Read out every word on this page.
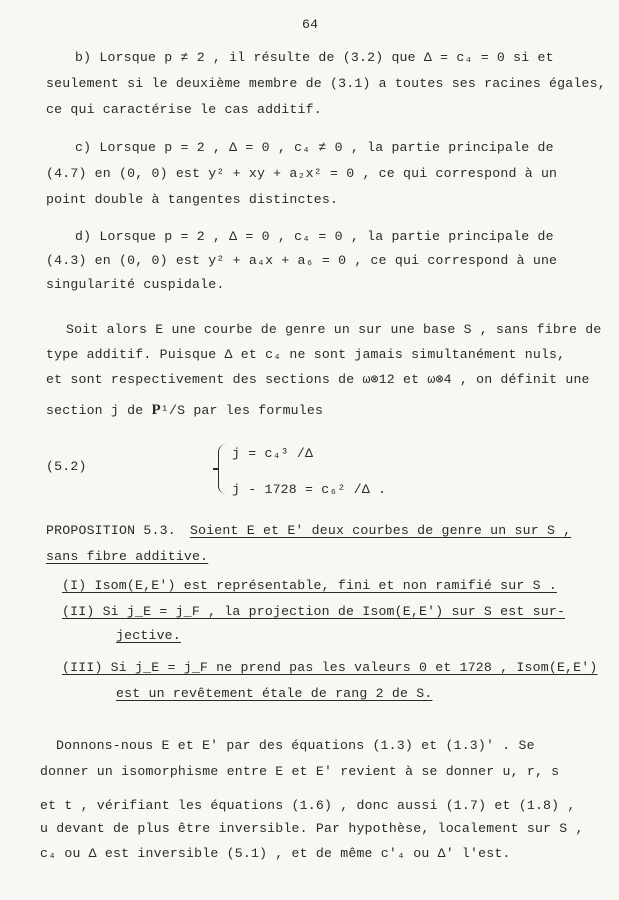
64
b) Lorsque p ≠ 2 , il résulte de (3.2) que Δ = c₄ = 0 si et
seulement si le deuxième membre de (3.1) a toutes ses racines égales,
ce qui caractérise le cas additif.
c) Lorsque p = 2 , Δ = 0 , c₄ ≠ 0 , la partie principale de
(4.7) en (0, 0) est y² + xy + a₂x² = 0 , ce qui correspond à un
point double à tangentes distinctes.
d) Lorsque p = 2 , Δ = 0 , c₄ = 0 , la partie principale de
(4.3) en (0, 0) est y² + a₄x + a₆ = 0 , ce qui correspond à une
singularité cuspidale.
Soit alors E une courbe de genre un sur une base S , sans fibre de
type additif. Puisque Δ et c₄ ne sont jamais simultanément nuls,
et sont respectivement des sections de ω⊗12 et ω⊗4 , on définit une
section j de P¹/S par les formules
(5.2)
j = c₄³ /Δ
j - 1728 = c₆² /Δ .
PROPOSITION 5.3. Soient E et E' deux courbes de genre un sur S ,
sans fibre additive.
(I) Isom(E,E') est représentable, fini et non ramifié sur S .
(II) Si j_E = j_F , la projection de Isom(E,E') sur S est sur-
jective.
(III) Si j_E = j_F ne prend pas les valeurs 0 et 1728 , Isom(E,E')
est un revêtement étale de rang 2 de S.
Donnons-nous E et E' par des équations (1.3) et (1.3)' . Se
donner un isomorphisme entre E et E' revient à se donner u, r, s
et t , vérifiant les équations (1.6) , donc aussi (1.7) et (1.8) ,
u devant de plus être inversible. Par hypothèse, localement sur S ,
c₄ ou Δ est inversible (5.1) , et de même c'₄ ou Δ' l'est.
